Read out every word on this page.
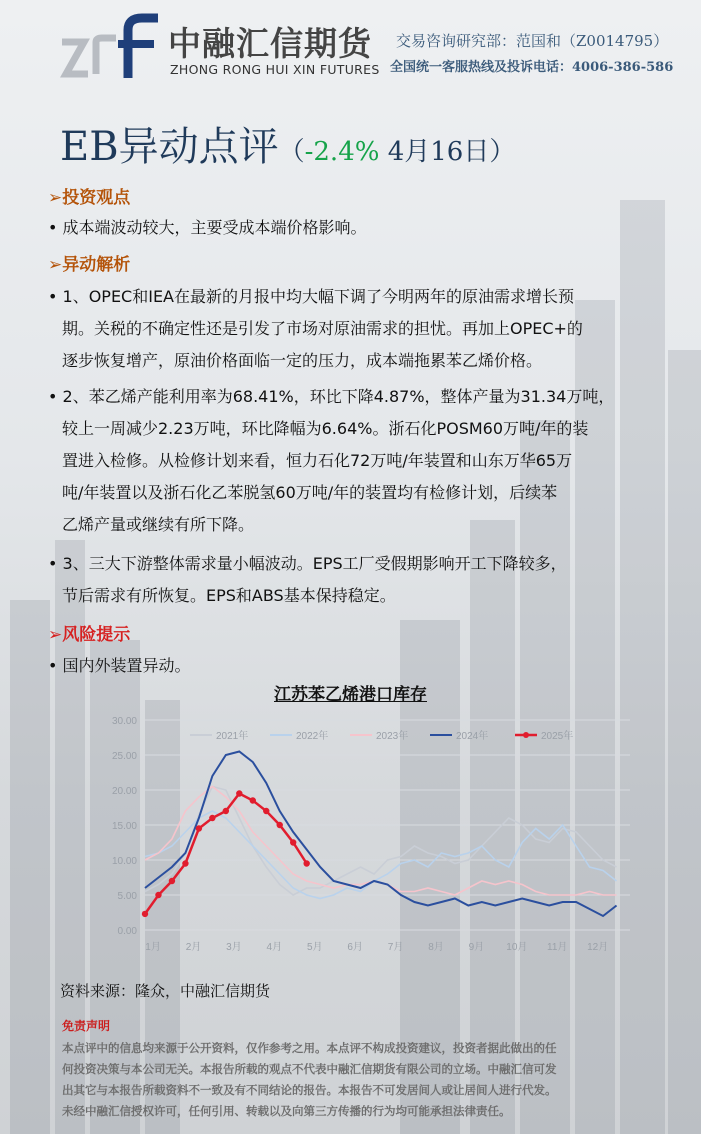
中融汇信期货
ZHONG RONG HUI XIN FUTURES
交易咨询研究部：范国和（Z0014795）
全国统一客服热线及投诉电话：4006-386-586
EB异动点评（-2.4% 4月16日）
➢投资观点
• 成本端波动较大，主要受成本端价格影响。
➢异动解析
• 1、OPEC和IEA在最新的月报中均大幅下调了今明两年的原油需求增长预
期。关税的不确定性还是引发了市场对原油需求的担忧。再加上OPEC+的
逐步恢复增产，原油价格面临一定的压力，成本端拖累苯乙烯价格。
• 2、苯乙烯产能利用率为68.41%，环比下降4.87%，整体产量为31.34万吨，
较上一周减少2.23万吨，环比降幅为6.64%。浙石化POSM60万吨/年的装
置进入检修。从检修计划来看，恒力石化72万吨/年装置和山东万华65万
吨/年装置以及浙石化乙苯脱氢60万吨/年的装置均有检修计划，后续苯
乙烯产量或继续有所下降。
• 3、三大下游整体需求量小幅波动。EPS工厂受假期影响开工下降较多，
节后需求有所恢复。EPS和ABS基本保持稳定。
➢风险提示
• 国内外装置异动。
江苏苯乙烯港口库存
30.00
25.00
20.00
15.00
10.00
5.00
0.00
1月 2月 3月 4月 5月 6月 7月 8月 9月 10月 11月 12月
2021年	2022年	2023年	2024年	2025年
资料来源：隆众，中融汇信期货
免责声明
本点评中的信息均来源于公开资料，仅作参考之用。本点评不构成投资建议，投资者据此做出的任
何投资决策与本公司无关。本报告所载的观点不代表中融汇信期货有限公司的立场。中融汇信可发
出其它与本报告所载资料不一致及有不同结论的报告。本报告不可发居间人或让居间人进行代发。
未经中融汇信授权许可，任何引用、转载以及向第三方传播的行为均可能承担法律责任。
